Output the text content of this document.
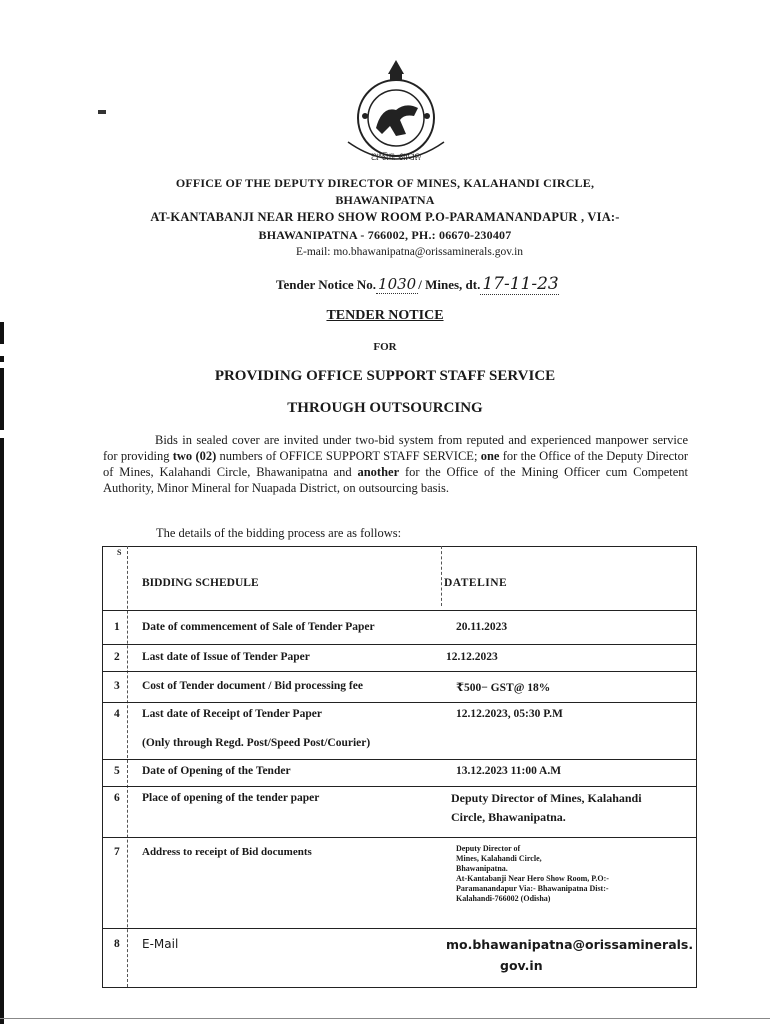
ଅଂଶିଜ୍ଞ ଶାସନ
OFFICE OF THE DEPUTY DIRECTOR OF MINES, KALAHANDI CIRCLE,
BHAWANIPATNA
AT-KANTABANJI NEAR HERO SHOW ROOM P.O-PARAMANANDAPUR , VIA:-
BHAWANIPATNA - 766002, PH.: 06670-230407
E-mail: mo.bhawanipatna@orissaminerals.gov.in
Tender Notice No. 1030 / Mines, dt. 17-11-23
TENDER NOTICE
FOR
PROVIDING OFFICE SUPPORT STAFF SERVICE
THROUGH OUTSOURCING
Bids in sealed cover are invited under two-bid system from reputed and experienced manpower service for providing two (02) numbers of OFFICE SUPPORT STAFF SERVICE; one for the Office of the Deputy Director of Mines, Kalahandi Circle, Bhawanipatna and another for the Office of the Mining Officer cum Competent Authority, Minor Mineral for Nuapada District, on outsourcing basis.
The details of the bidding process are as follows:
S
BIDDING SCHEDULE	DATELINE
1 Date of commencement of Sale of Tender Paper	20.11.2023
2 Last date of Issue of Tender Paper	12.12.2023
3 Cost of Tender document / Bid processing fee	₹500− GST@ 18%
4 Last date of Receipt of Tender Paper
(Only through Regd. Post/Speed Post/Courier)
12.12.2023, 05:30 P.M
5 Date of Opening of the Tender	13.12.2023 11:00 A.M
6 Place of opening of the tender paper	Deputy Director of Mines, Kalahandi
Circle, Bhawanipatna.
7 Address to receipt of Bid documents	Deputy Director of
Mines, Kalahandi Circle,
Bhawanipatna.
At-Kantabanji Near Hero Show Room, P.O:-
Paramanandapur Via:- Bhawanipatna Dist:-
Kalahandi-766002 (Odisha)
8 E-Mail	mo.bhawanipatna@orissaminerals.
gov.in
